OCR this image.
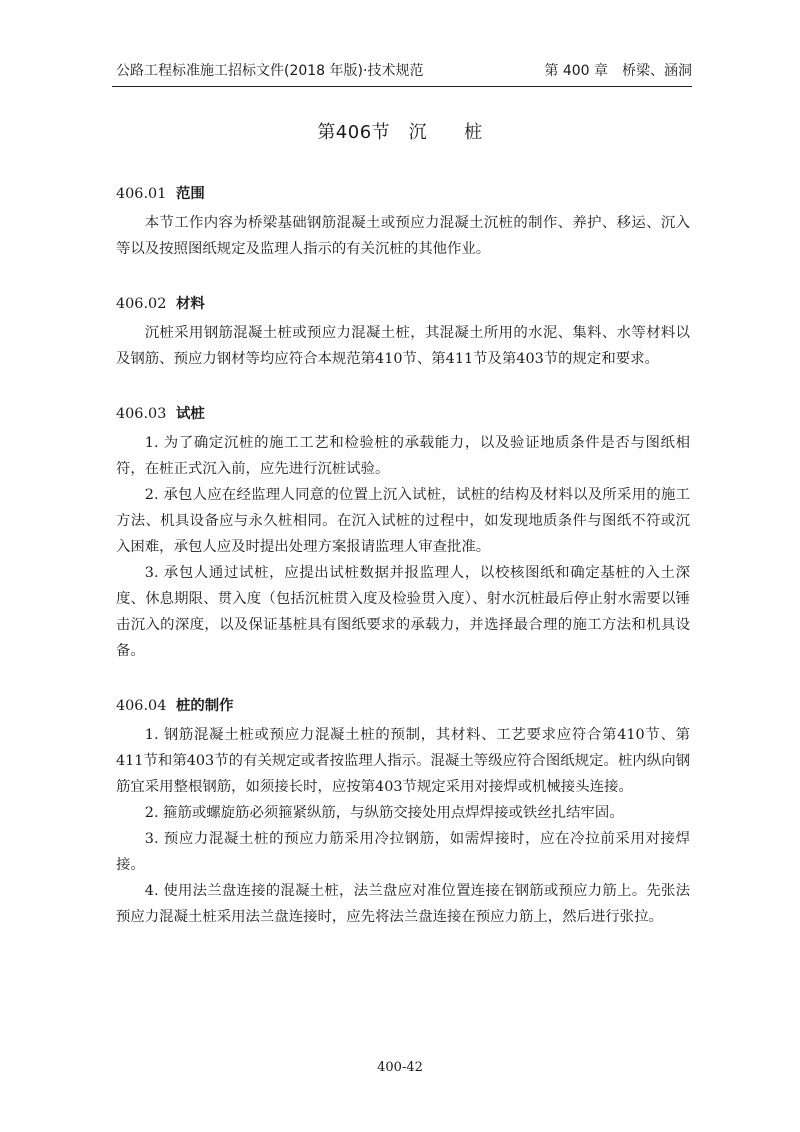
公路工程标准施工招标文件(2018 年版)·技术规范	第 400 章　桥梁、涵洞
第406节　沉　　桩
406.01 范围

本节工作内容为桥梁基础钢筋混凝土或预应力混凝土沉桩的制作、养护、移运、沉入等以及按照图纸规定及监理人指示的有关沉桩的其他作业。

406.02 材料

沉桩采用钢筋混凝土桩或预应力混凝土桩，其混凝土所用的水泥、集料、水等材料以及钢筋、预应力钢材等均应符合本规范第410节、第411节及第403节的规定和要求。

406.03 试桩

1. 为了确定沉桩的施工工艺和检验桩的承载能力，以及验证地质条件是否与图纸相符，在桩正式沉入前，应先进行沉桩试验。

2. 承包人应在经监理人同意的位置上沉入试桩，试桩的结构及材料以及所采用的施工方法、机具设备应与永久桩相同。在沉入试桩的过程中，如发现地质条件与图纸不符或沉入困难，承包人应及时提出处理方案报请监理人审查批准。

3. 承包人通过试桩，应提出试桩数据并报监理人，以校核图纸和确定基桩的入土深度、休息期限、贯入度（包括沉桩贯入度及检验贯入度）、射水沉桩最后停止射水需要以锤击沉入的深度，以及保证基桩具有图纸要求的承载力，并选择最合理的施工方法和机具设备。

406.04 桩的制作

1. 钢筋混凝土桩或预应力混凝土桩的预制，其材料、工艺要求应符合第410节、第411节和第403节的有关规定或者按监理人指示。混凝土等级应符合图纸规定。桩内纵向钢筋宜采用整根钢筋，如须接长时，应按第403节规定采用对接焊或机械接头连接。

2. 箍筋或螺旋筋必须箍紧纵筋，与纵筋交接处用点焊焊接或铁丝扎结牢固。

3. 预应力混凝土桩的预应力筋采用冷拉钢筋，如需焊接时，应在冷拉前采用对接焊接。

4. 使用法兰盘连接的混凝土桩，法兰盘应对准位置连接在钢筋或预应力筋上。先张法预应力混凝土桩采用法兰盘连接时，应先将法兰盘连接在预应力筋上，然后进行张拉。

400-42
